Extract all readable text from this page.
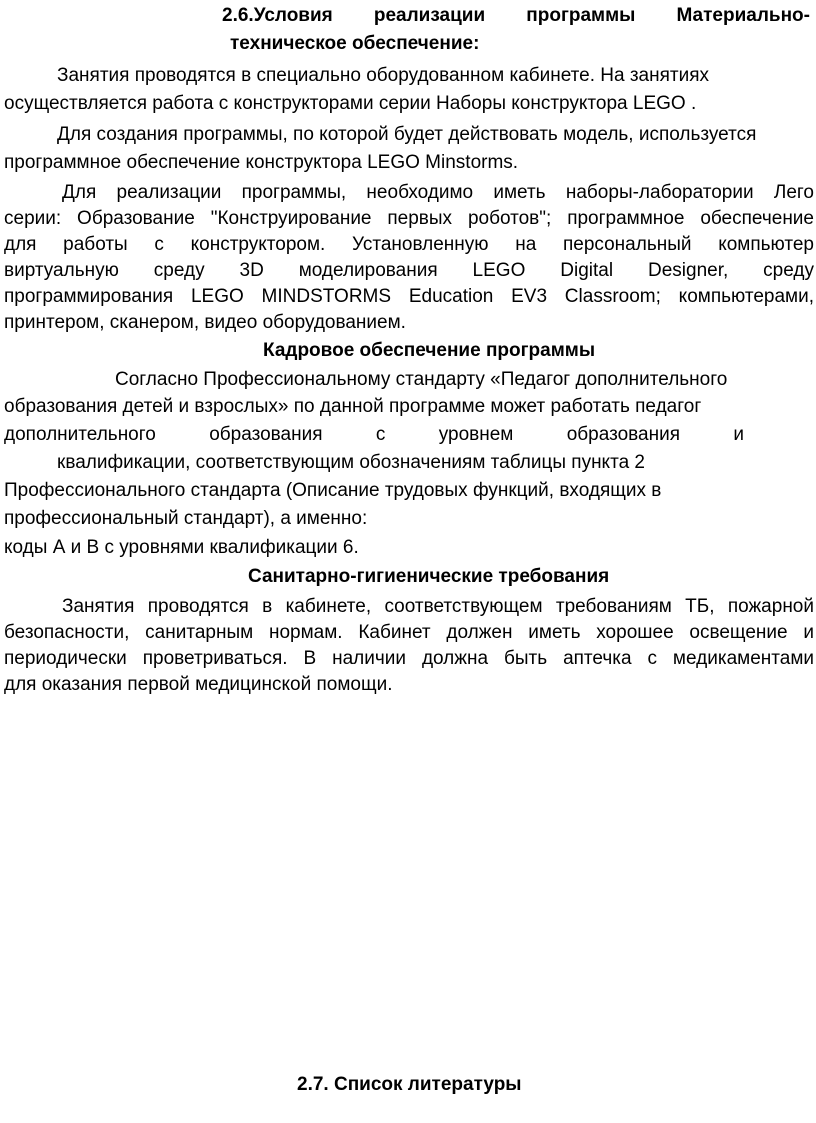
2.6.Условия реализации программы Материально-
техническое обеспечение:
Занятия проводятся в специально оборудованном кабинете. На занятиях
осуществляется работа с конструкторами серии Наборы конструктора LEGO .
Для создания программы, по которой будет действовать модель, используется
программное обеспечение конструктора LEGO Minstorms.
Для реализации программы, необходимо иметь наборы-лаборатории Лего
серии: Образование "Конструирование первых роботов"; программное обеспечение
для работы с конструктором. Установленную на персональный компьютер
виртуальную среду 3D моделирования LEGO Digital Designer, среду
программирования LEGO MINDSTORMS Education EV3 Classroom; компьютерами,
принтером, сканером, видео оборудованием.
Кадровое обеспечение программы
Согласно Профессиональному стандарту «Педагог дополнительного
образования детей и взрослых» по данной программе может работать педагог
дополнительного образования с уровнем образования и
квалификации, соответствующим обозначениям таблицы пункта 2
Профессионального стандарта (Описание трудовых функций, входящих в
профессиональный стандарт), а именно:
коды А и В с уровнями квалификации 6.
Санитарно-гигиенические требования
Занятия проводятся в кабинете, соответствующем требованиям ТБ, пожарной
безопасности, санитарным нормам. Кабинет должен иметь хорошее освещение и
периодически проветриваться. В наличии должна быть аптечка с медикаментами
для оказания первой медицинской помощи.
2.7. Список литературы
